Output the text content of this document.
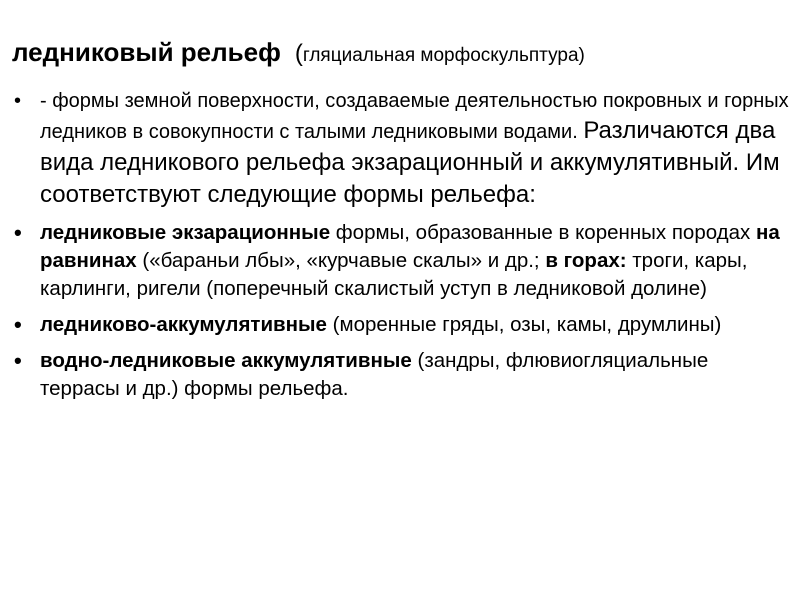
ледниковый рельеф (гляциальная морфоскульптура)
• - формы земной поверхности, создаваемые деятельностью покровных и горных ледников в совокупности с талыми ледниковыми водами. Различаются два вида ледникового рельефа экзарационный и аккумулятивный. Им соответствуют следующие формы рельефа:
• ледниковые экзарационные формы, образованные в коренных породах на равнинах («бараньи лбы», «курчавые скалы» и др.; в горах: троги, кары, карлинги, ригели (поперечный скалистый уступ в ледниковой долине)
• ледниково-аккумулятивные (моренные гряды, озы, камы, друмлины)
• водно-ледниковые аккумулятивные (зандры, флювиогляциальные террасы и др.) формы рельефа.
